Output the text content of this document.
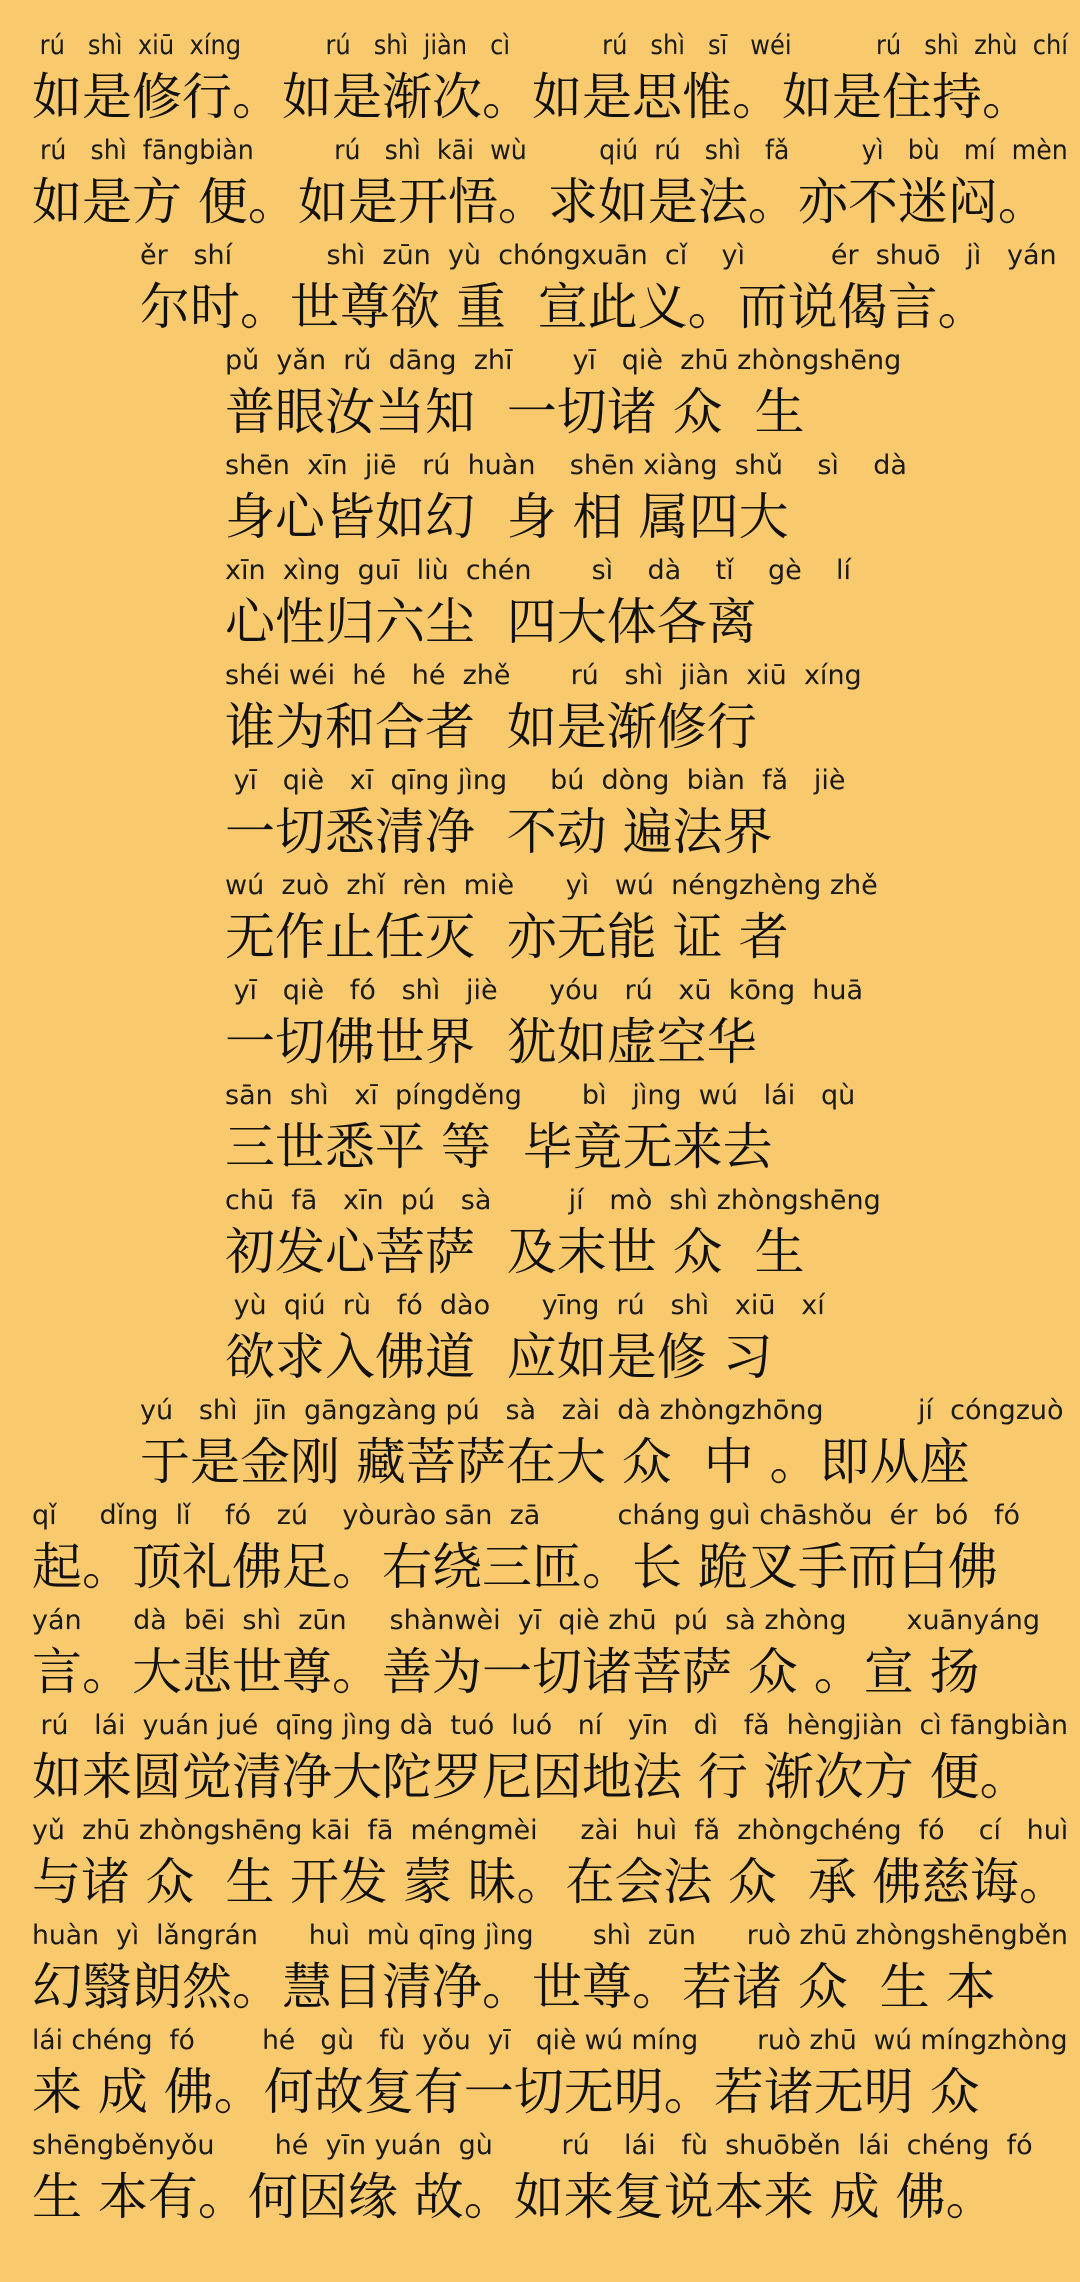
rú   shì  xiū  xíng           rú   shì  jiàn   cì            rú   shì   sī   wéi           rú   shì  zhù  chí
如是修行。如是渐次。如是思惟。如是住持。
rú   shì  fāngbiàn          rú   shì  kāi  wù         qiú  rú   shì   fǎ         yì   bù   mí  mèn
如是方 便。如是开悟。求如是法。亦不迷闷。
ěr   shí           shì  zūn  yù  chóngxuān  cǐ    yì          ér  shuō   jì   yán
尔时。世尊欲 重  宣此义。而说偈言。
pǔ  yǎn  rǔ  dāng  zhī       yī   qiè  zhū zhòngshēng
普眼汝当知  一切诸 众  生
shēn  xīn  jiē   rú  huàn    shēn xiàng  shǔ    sì    dà
身心皆如幻  身 相 属四大
xīn  xìng  guī  liù  chén       sì    dà    tǐ    gè    lí
心性归六尘  四大体各离
shéi wéi  hé   hé  zhě       rú   shì  jiàn  xiū  xíng
谁为和合者  如是渐修行
yī   qiè   xī  qīng jìng     bú  dòng  biàn  fǎ   jiè
一切悉清净  不动 遍法界
wú  zuò  zhǐ  rèn  miè      yì   wú  néngzhèng zhě
无作止任灭  亦无能 证 者
yī   qiè   fó   shì   jiè      yóu   rú   xū  kōng  huā
一切佛世界  犹如虚空华
sān  shì   xī  píngděng       bì   jìng  wú   lái   qù
三世悉平 等  毕竟无来去
chū  fā   xīn  pú   sà         jí   mò  shì zhòngshēng
初发心菩萨  及末世 众  生
yù  qiú  rù   fó  dào      yīng  rú   shì   xiū   xí
欲求入佛道  应如是修 习
yú   shì  jīn  gāngzàng pú   sà   zài  dà zhòngzhōng           jí  cóngzuò
于是金刚 藏菩萨在大 众  中 。即从座
qǐ     dǐng  lǐ    fó   zú    yòurào sān  zā         cháng guì chāshǒu  ér  bó   fó
起。顶礼佛足。右绕三匝。长 跪叉手而白佛
yán      dà  bēi  shì  zūn     shànwèi  yī  qiè zhū  pú  sà zhòng       xuānyáng
言。大悲世尊。善为一切诸菩萨 众 。宣 扬
rú   lái  yuán jué  qīng jìng dà  tuó  luó   ní   yīn   dì   fǎ  hèngjiàn  cì fāngbiàn
如来圆觉清净大陀罗尼因地法 行 渐次方 便。
yǔ  zhū zhòngshēng kāi  fā  méngmèi     zài  huì  fǎ  zhòngchéng  fó    cí   huì
与诸 众  生 开发 蒙 昧。在会法 众  承 佛慈诲。
huàn  yì  lǎngrán      huì  mù qīng jìng       shì  zūn      ruò zhū zhòngshēngběn
幻翳朗然。慧目清净。世尊。若诸 众  生 本
lái chéng  fó        hé   gù   fù  yǒu  yī   qiè wú míng       ruò zhū  wú míngzhòng
来 成 佛。何故复有一切无明。若诸无明 众
shēngběnyǒu       hé  yīn yuán  gù        rú    lái   fù  shuōběn  lái  chéng  fó
生 本有。何因缘 故。如来复说本来 成 佛。
